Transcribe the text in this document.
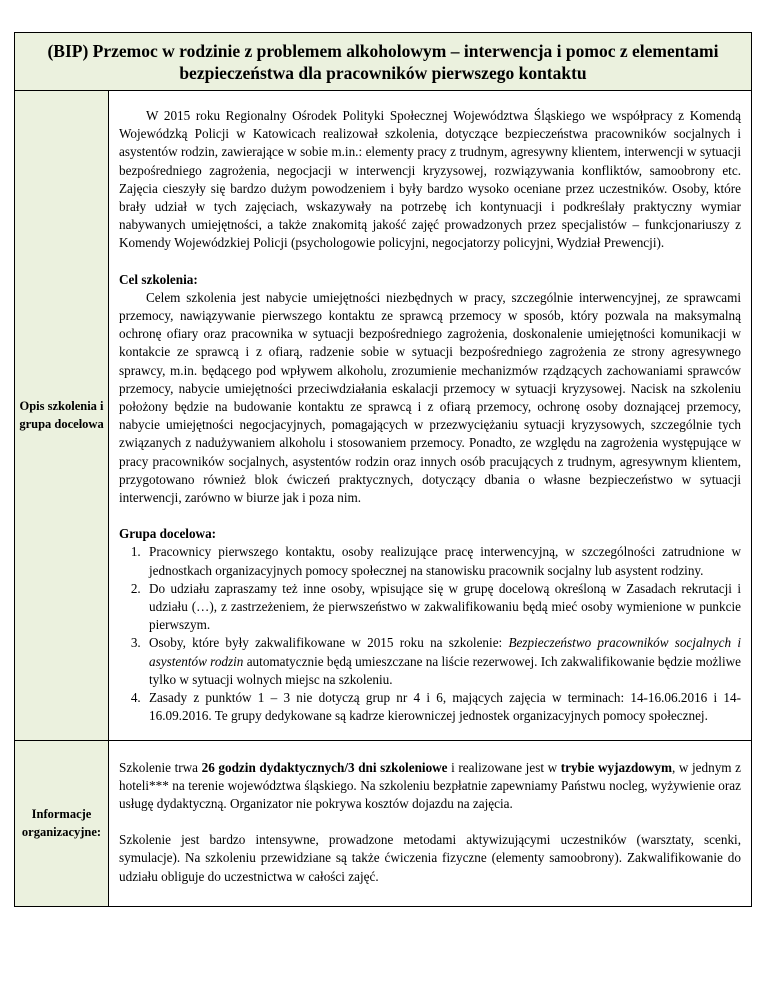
(BIP) Przemoc w rodzinie z problemem alkoholowym – interwencja i pomoc z elementami bezpieczeństwa dla pracowników pierwszego kontaktu
Opis szkolenia i grupa docelowa

W 2015 roku Regionalny Ośrodek Polityki Społecznej Województwa Śląskiego we współpracy z Komendą Wojewódzką Policji w Katowicach realizował szkolenia, dotyczące bezpieczeństwa pracowników socjalnych i asystentów rodzin, zawierające w sobie m.in.: elementy pracy z trudnym, agresywny klientem, interwencji w sytuacji bezpośredniego zagrożenia, negocjacji w interwencji kryzysowej, rozwiązywania konfliktów, samoobrony etc. Zajęcia cieszyły się bardzo dużym powodzeniem i były bardzo wysoko oceniane przez uczestników. Osoby, które brały udział w tych zajęciach, wskazywały na potrzebę ich kontynuacji i podkreślały praktyczny wymiar nabywanych umiejętności, a także znakomitą jakość zajęć prowadzonych przez specjalistów – funkcjonariuszy z Komendy Wojewódzkiej Policji (psychologowie policyjni, negocjatorzy policyjni, Wydział Prewencji).

Cel szkolenia:

Celem szkolenia jest nabycie umiejętności niezbędnych w pracy, szczególnie interwencyjnej, ze sprawcami przemocy, nawiązywanie pierwszego kontaktu ze sprawcą przemocy w sposób, który pozwala na maksymalną ochronę ofiary oraz pracownika w sytuacji bezpośredniego zagrożenia, doskonalenie umiejętności komunikacji w kontakcie ze sprawcą i z ofiarą, radzenie sobie w sytuacji bezpośredniego zagrożenia ze strony agresywnego sprawcy, m.in. będącego pod wpływem alkoholu, zrozumienie mechanizmów rządzących zachowaniami sprawców przemocy, nabycie umiejętności przeciwdziałania eskalacji przemocy w sytuacji kryzysowej. Nacisk na szkoleniu położony będzie na budowanie kontaktu ze sprawcą i z ofiarą przemocy, ochronę osoby doznającej przemocy, nabycie umiejętności negocjacyjnych, pomagających w przezwyciężaniu sytuacji kryzysowych, szczególnie tych związanych z nadużywaniem alkoholu i stosowaniem przemocy. Ponadto, ze względu na zagrożenia występujące w pracy pracowników socjalnych, asystentów rodzin oraz innych osób pracujących z trudnym, agresywnym klientem, przygotowano również blok ćwiczeń praktycznych, dotyczący dbania o własne bezpieczeństwo w sytuacji interwencji, zarówno w biurze jak i poza nim.

Grupa docelowa:

1. Pracownicy pierwszego kontaktu, osoby realizujące pracę interwencyjną, w szczególności zatrudnione w jednostkach organizacyjnych pomocy społecznej na stanowisku pracownik socjalny lub asystent rodziny.
2. Do udziału zapraszamy też inne osoby, wpisujące się w grupę docelową określoną w Zasadach rekrutacji i udziału (…), z zastrzeżeniem, że pierwszeństwo w zakwalifikowaniu będą mieć osoby wymienione w punkcie pierwszym.
3. Osoby, które były zakwalifikowane w 2015 roku na szkolenie: Bezpieczeństwo pracowników socjalnych i asystentów rodzin automatycznie będą umieszczane na liście rezerwowej. Ich zakwalifikowanie będzie możliwe tylko w sytuacji wolnych miejsc na szkoleniu.
4. Zasady z punktów 1 – 3 nie dotyczą grup nr 4 i 6, mających zajęcia w terminach: 14-16.06.2016 i 14-16.09.2016. Te grupy dedykowane są kadrze kierowniczej jednostek organizacyjnych pomocy społecznej.
Informacje organizacyjne:

Szkolenie trwa 26 godzin dydaktycznych/3 dni szkoleniowe i realizowane jest w trybie wyjazdowym, w jednym z hoteli*** na terenie województwa śląskiego. Na szkoleniu bezpłatnie zapewniamy Państwu nocleg, wyżywienie oraz usługę dydaktyczną. Organizator nie pokrywa kosztów dojazdu na zajęcia.

Szkolenie jest bardzo intensywne, prowadzone metodami aktywizującymi uczestników (warsztaty, scenki, symulacje). Na szkoleniu przewidziane są także ćwiczenia fizyczne (elementy samoobrony). Zakwalifikowanie do udziału obliguje do uczestnictwa w całości zajęć.
